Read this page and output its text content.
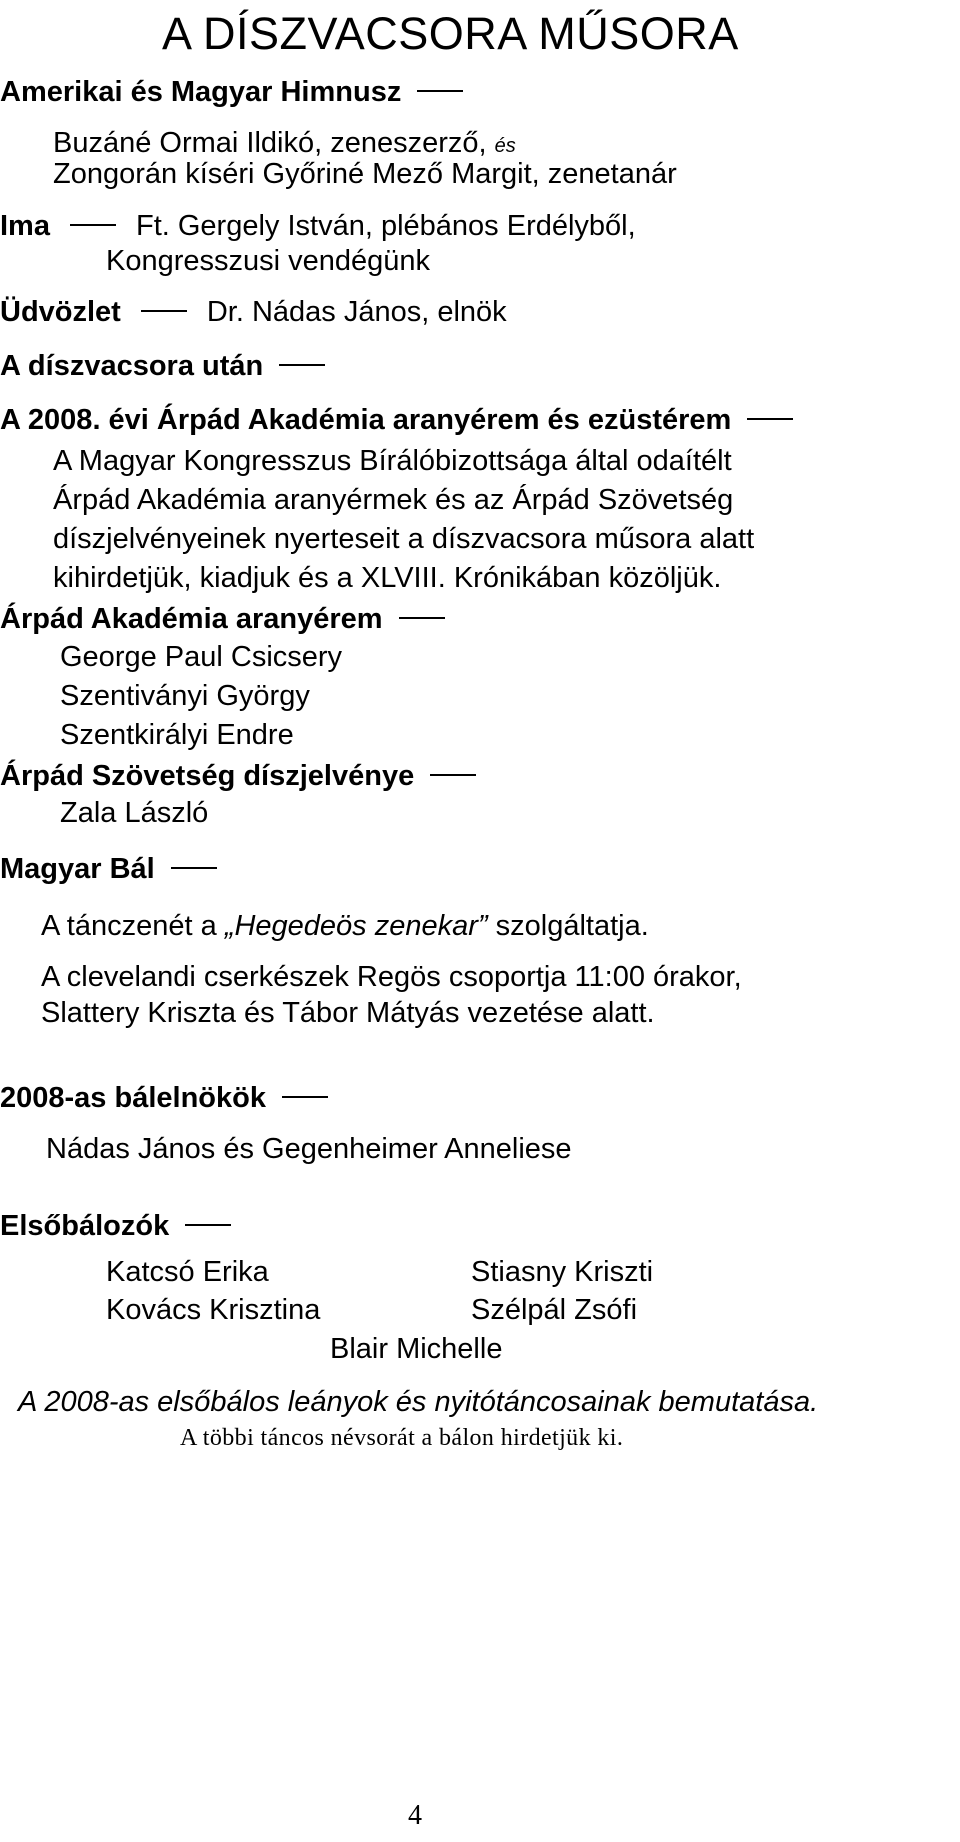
A DÍSZVACSORA MŰSORA
Amerikai és Magyar Himnusz
Buzáné Ormai Ildikó, zeneszerző, és
Zongorán kíséri Győriné Mező Margit, zenetanár
Ima	Ft. Gergely István, plébános Erdélyből,
Kongresszusi vendégünk
Üdvözlet	Dr. Nádas János, elnök
A díszvacsora után
A 2008. évi Árpád Akadémia aranyérem és ezüstérem
A Magyar Kongresszus Bírálóbizottsága által odaítélt
Árpád Akadémia aranyérmek és az Árpád Szövetség
díszjelvényeinek nyerteseit a díszvacsora műsora alatt
kihirdetjük, kiadjuk és a XLVIII. Krónikában közöljük.
Árpád Akadémia aranyérem
George Paul Csicsery
Szentiványi György
Szentkirályi Endre
Árpád Szövetség díszjelvénye
Zala László
Magyar Bál
A tánczenét a „Hegedeös zenekar” szolgáltatja.
A clevelandi cserkészek Regös csoportja 11:00 órakor,
Slattery Kriszta és Tábor Mátyás vezetése alatt.
2008-as bálelnökök
Nádas János és Gegenheimer Anneliese
Elsőbálozók
Katcsó Erika	Stiasny Kriszti
Kovács Krisztina	Szélpál Zsófi
Blair Michelle
A 2008-as elsőbálos leányok és nyitótáncosainak bemutatása.
A többi táncos névsorát a bálon hirdetjük ki.
4
